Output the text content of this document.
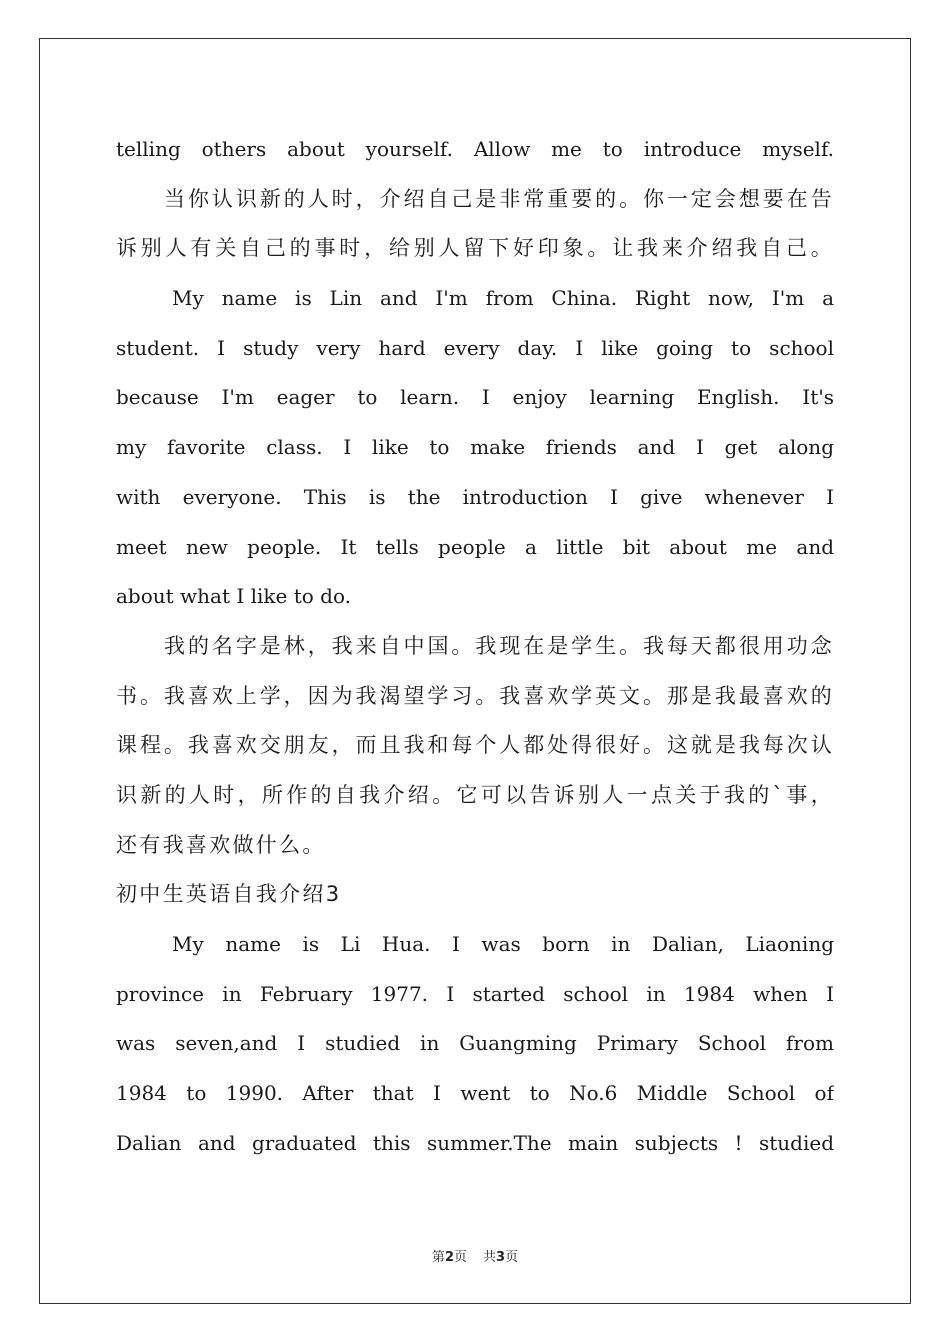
telling others about yourself. Allow me to introduce myself.
当你认识新的人时，介绍自己是非常重要的。你一定会想要在告
诉别人有关自己的事时，给别人留下好印象。让我来介绍我自己。
My name is Lin and I'm from China. Right now, I'm a
student. I study very hard every day. I like going to school
because I'm eager to learn. I enjoy learning English. It's
my favorite class. I like to make friends and I get along
with everyone. This is the introduction I give whenever I
meet new people. It tells people a little bit about me and
about what I like to do.
我的名字是林，我来自中国。我现在是学生。我每天都很用功念
书。我喜欢上学，因为我渴望学习。我喜欢学英文。那是我最喜欢的
课程。我喜欢交朋友，而且我和每个人都处得很好。这就是我每次认
识新的人时，所作的自我介绍。它可以告诉别人一点关于我的`事，
还有我喜欢做什么。
初中生英语自我介绍3
My name is Li Hua. I was born in Dalian, Liaoning
province in February 1977. I started school in 1984 when I
was seven,and I studied in Guangming Primary School from
1984 to 1990. After that I went to No.6 Middle School of
Dalian and graduated this summer.The main subjects ! studied
第2页 共3页
